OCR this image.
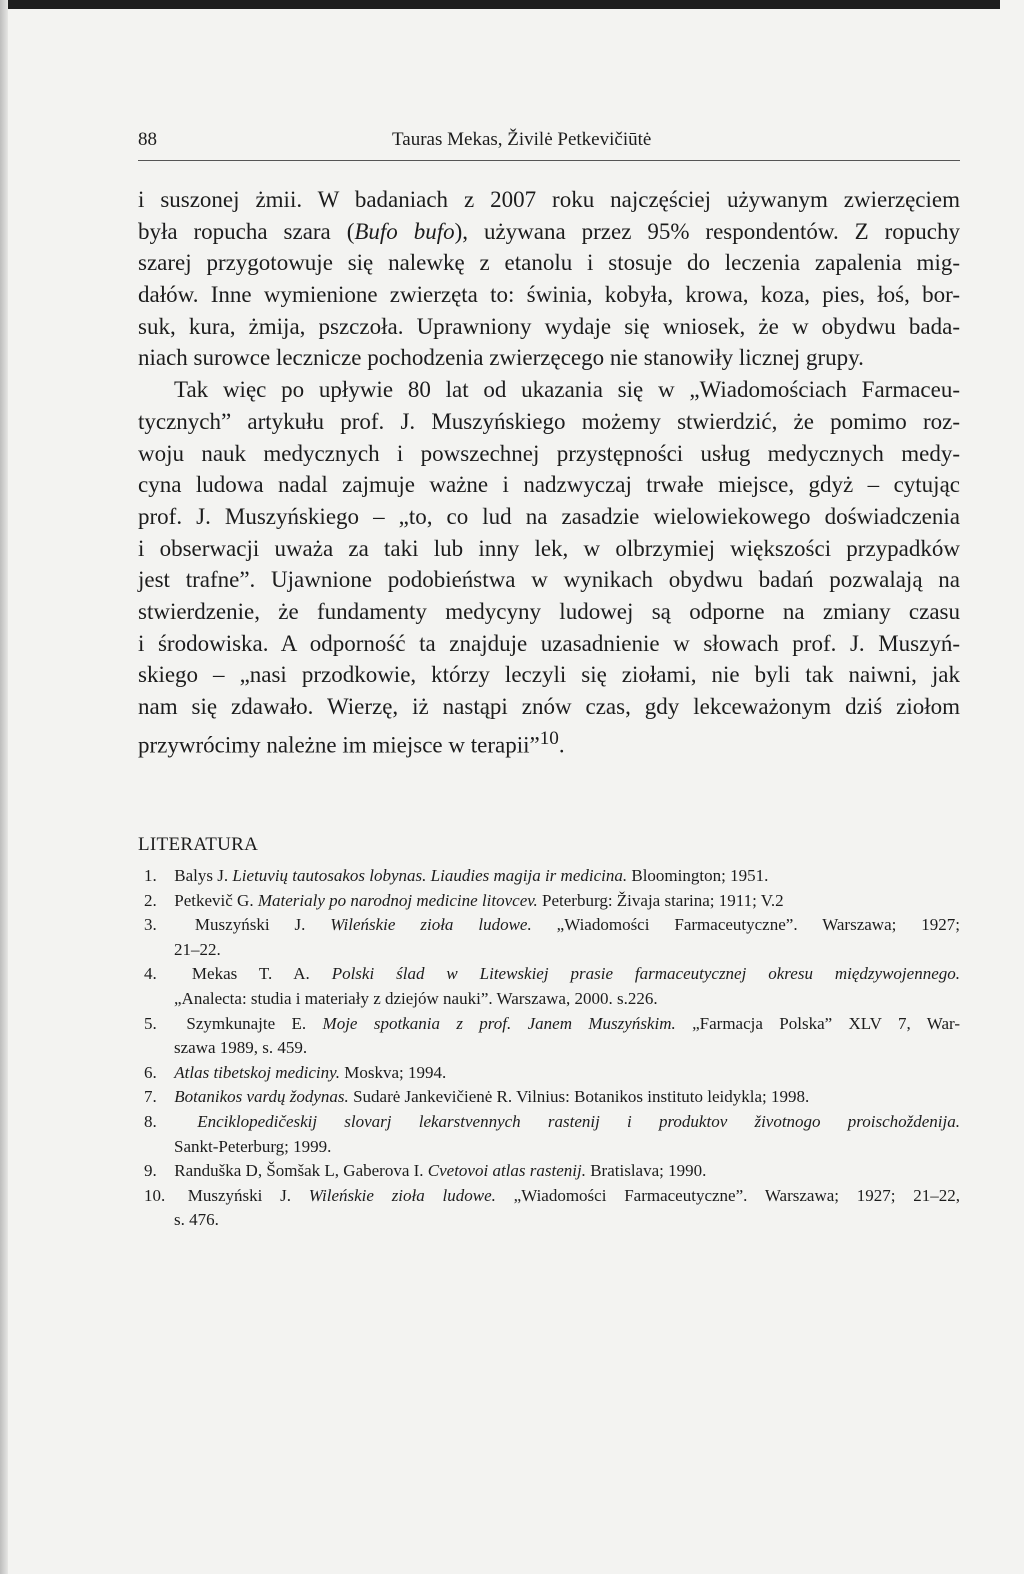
88	Tauras Mekas, Živilė Petkevičiūtė
i suszonej żmii. W badaniach z 2007 roku najczęściej używanym zwierzęciem
była ropucha szara (Bufo bufo), używana przez 95% respondentów. Z ropuchy
szarej przygotowuje się nalewkę z etanolu i stosuje do leczenia zapalenia mig-
dałów. Inne wymienione zwierzęta to: świnia, kobyła, krowa, koza, pies, łoś, bor-
suk, kura, żmija, pszczoła. Uprawniony wydaje się wniosek, że w obydwu bada-
niach surowce lecznicze pochodzenia zwierzęcego nie stanowiły licznej grupy.
Tak więc po upływie 80 lat od ukazania się w „Wiadomościach Farmaceu-
tycznych” artykułu prof. J. Muszyńskiego możemy stwierdzić, że pomimo roz-
woju nauk medycznych i powszechnej przystępności usług medycznych medy-
cyna ludowa nadal zajmuje ważne i nadzwyczaj trwałe miejsce, gdyż – cytując
prof. J. Muszyńskiego – „to, co lud na zasadzie wielowiekowego doświadczenia
i obserwacji uważa za taki lub inny lek, w olbrzymiej większości przypadków
jest trafne”. Ujawnione podobieństwa w wynikach obydwu badań pozwalają na
stwierdzenie, że fundamenty medycyny ludowej są odporne na zmiany czasu
i środowiska. A odporność ta znajduje uzasadnienie w słowach prof. J. Muszyń-
skiego – „nasi przodkowie, którzy leczyli się ziołami, nie byli tak naiwni, jak
nam się zdawało. Wierzę, iż nastąpi znów czas, gdy lekceważonym dziś ziołom
przywrócimy należne im miejsce w terapii”$^{10}$.
LITERATURA
1. Balys J. Lietuvių tautosakos lobynas. Liaudies magija ir medicina. Bloomington; 1951.
2. Petkevič G. Materialy po narodnoj medicine litovcev. Peterburg: Živaja starina; 1911; V.2
3. Muszyński J. Wileńskie zioła ludowe. „Wiadomości Farmaceutyczne”. Warszawa; 1927;
21–22.
4. Mekas T. A. Polski ślad w Litewskiej prasie farmaceutycznej okresu międzywojennego.
„Analecta: studia i materiały z dziejów nauki”. Warszawa, 2000. s.226.
5. Szymkunajte E. Moje spotkania z prof. Janem Muszyńskim. „Farmacja Polska” XLV 7, War-
szawa 1989, s. 459.
6. Atlas tibetskoj mediciny. Moskva; 1994.
7. Botanikos vardų žodynas. Sudarė Jankevičienė R. Vilnius: Botanikos instituto leidykla; 1998.
8. Enciklopedičeskij slovarj lekarstvennych rastenij i produktov životnogo proischoždenija.
Sankt-Peterburg; 1999.
9. Randuška D, Šomšak L, Gaberova I. Cvetovoi atlas rastenij. Bratislava; 1990.
10. Muszyński J. Wileńskie zioła ludowe. „Wiadomości Farmaceutyczne”. Warszawa; 1927; 21–22,
s. 476.
